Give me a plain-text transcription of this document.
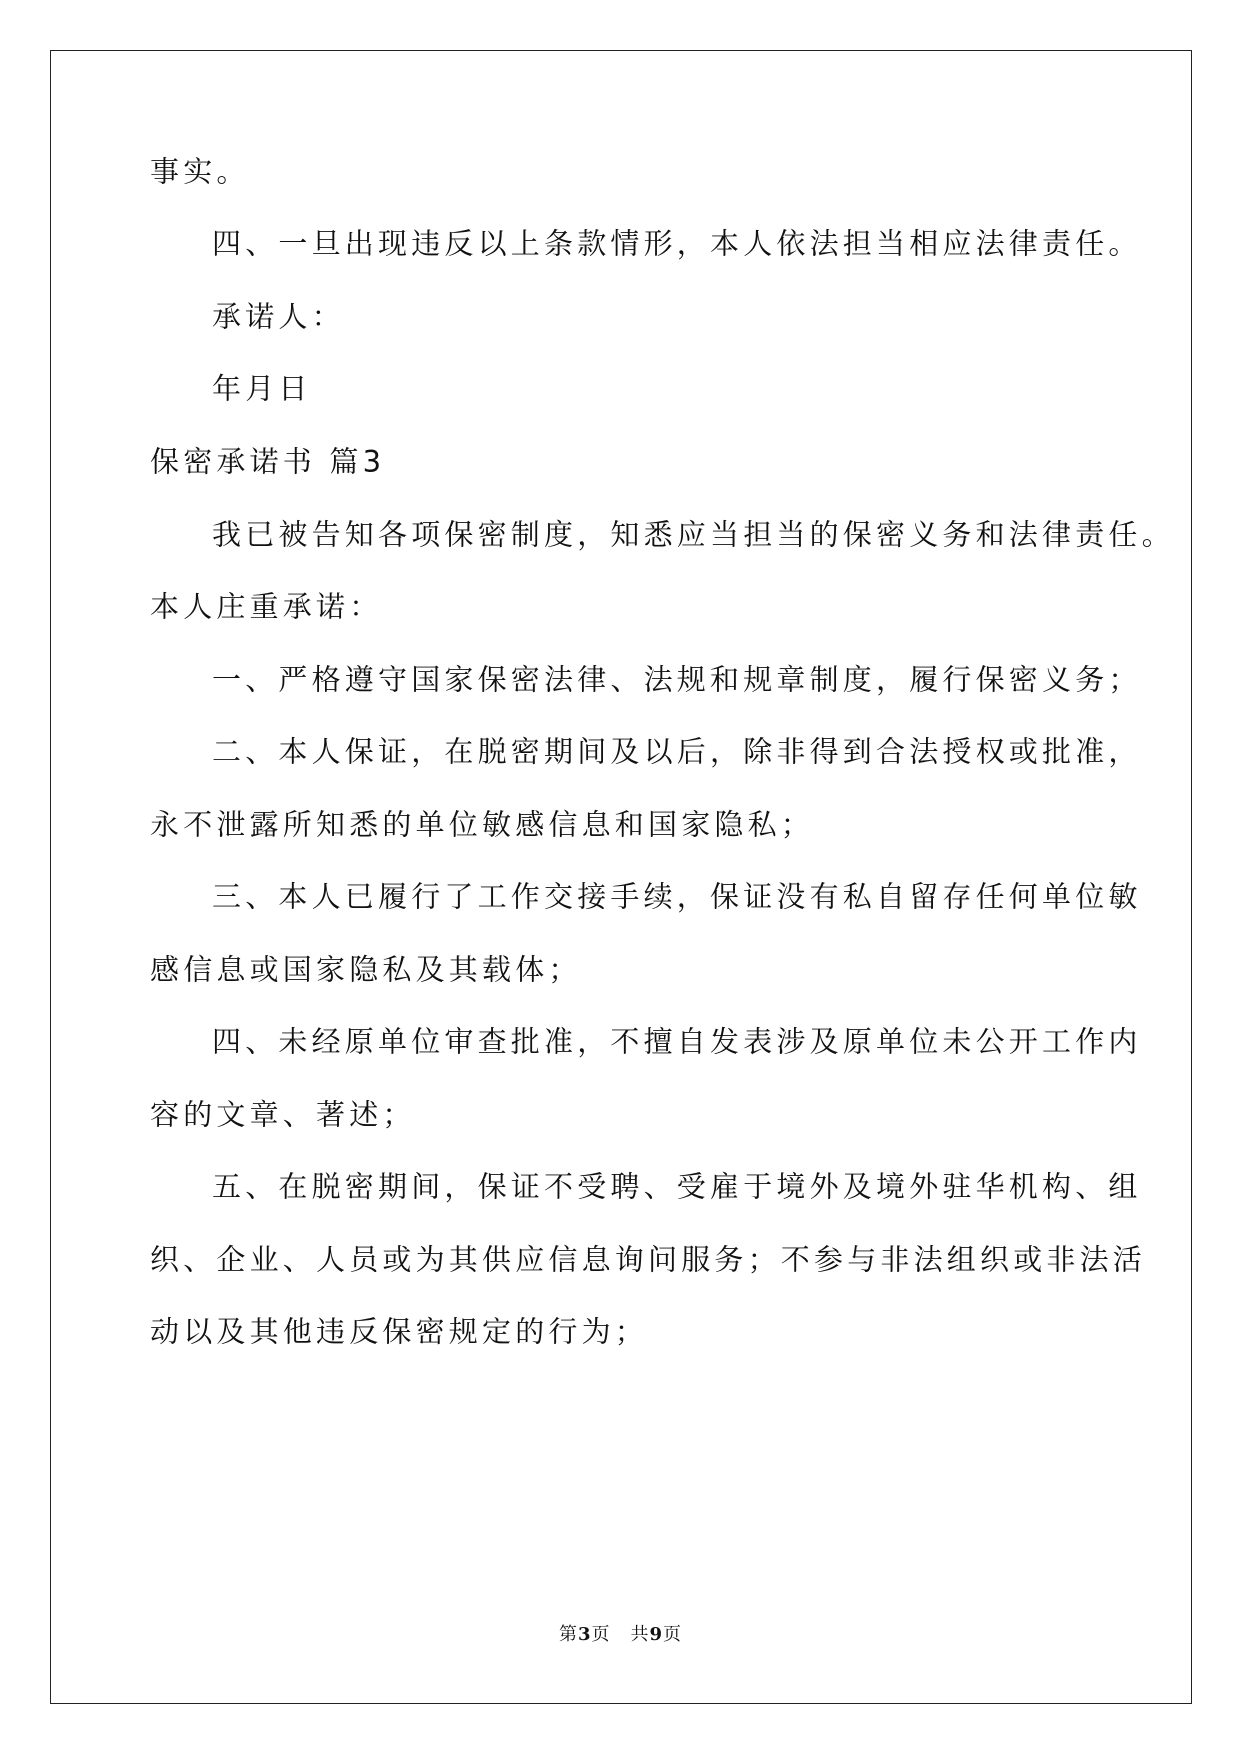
事实。
四、一旦出现违反以上条款情形，本人依法担当相应法律责任。
承诺人：
年月日
保密承诺书 篇3
我已被告知各项保密制度，知悉应当担当的保密义务和法律责任。
本人庄重承诺：
一、严格遵守国家保密法律、法规和规章制度，履行保密义务；
二、本人保证，在脱密期间及以后，除非得到合法授权或批准，
永不泄露所知悉的单位敏感信息和国家隐私；
三、本人已履行了工作交接手续，保证没有私自留存任何单位敏
感信息或国家隐私及其载体；
四、未经原单位审查批准，不擅自发表涉及原单位未公开工作内
容的文章、著述；
五、在脱密期间，保证不受聘、受雇于境外及境外驻华机构、组
织、企业、人员或为其供应信息询问服务；不参与非法组织或非法活
动以及其他违反保密规定的行为；
第3页 共9页
